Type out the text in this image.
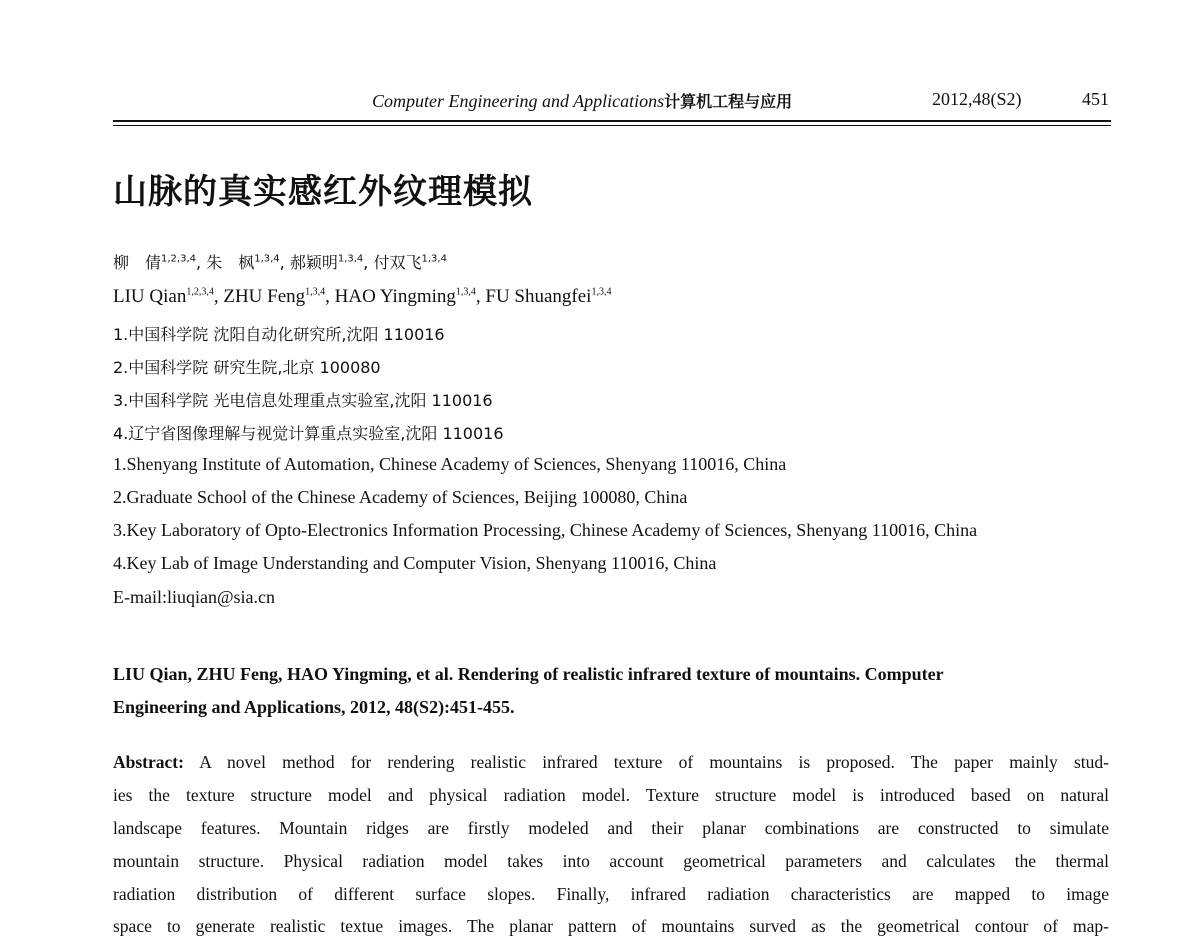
Computer Engineering and Applications计算机工程与应用	2012,48(S2)	451
山脉的真实感红外纹理模拟
柳　倩$^{1,2,3,4}$, 朱　枫$^{1,3,4}$, 郝颖明$^{1,3,4}$, 付双飞$^{1,3,4}$
LIU Qian$^{1,2,3,4}$, ZHU Feng$^{1,3,4}$, HAO Yingming$^{1,3,4}$, FU Shuangfei$^{1,3,4}$
1.中国科学院 沈阳自动化研究所,沈阳 110016
2.中国科学院 研究生院,北京 100080
3.中国科学院 光电信息处理重点实验室,沈阳 110016
4.辽宁省图像理解与视觉计算重点实验室,沈阳 110016
1.Shenyang Institute of Automation, Chinese Academy of Sciences, Shenyang 110016, China
2.Graduate School of the Chinese Academy of Sciences, Beijing 100080, China
3.Key Laboratory of Opto-Electronics Information Processing, Chinese Academy of Sciences, Shenyang 110016, China
4.Key Lab of Image Understanding and Computer Vision, Shenyang 110016, China
E-mail:liuqian@sia.cn
LIU Qian, ZHU Feng, HAO Yingming, et al. Rendering of realistic infrared texture of mountains. Computer
Engineering and Applications, 2012, 48(S2):451-455.
Abstract: A novel method for rendering realistic infrared texture of mountains is proposed. The paper mainly stud-
ies the texture structure model and physical radiation model. Texture structure model is introduced based on natural
landscape features. Mountain ridges are firstly modeled and their planar combinations are constructed to simulate
mountain structure. Physical radiation model takes into account geometrical parameters and calculates the thermal
radiation distribution of different surface slopes. Finally, infrared radiation characteristics are mapped to image
space to generate realistic textue images. The planar pattern of mountains surved as the geometrical contour of map-
